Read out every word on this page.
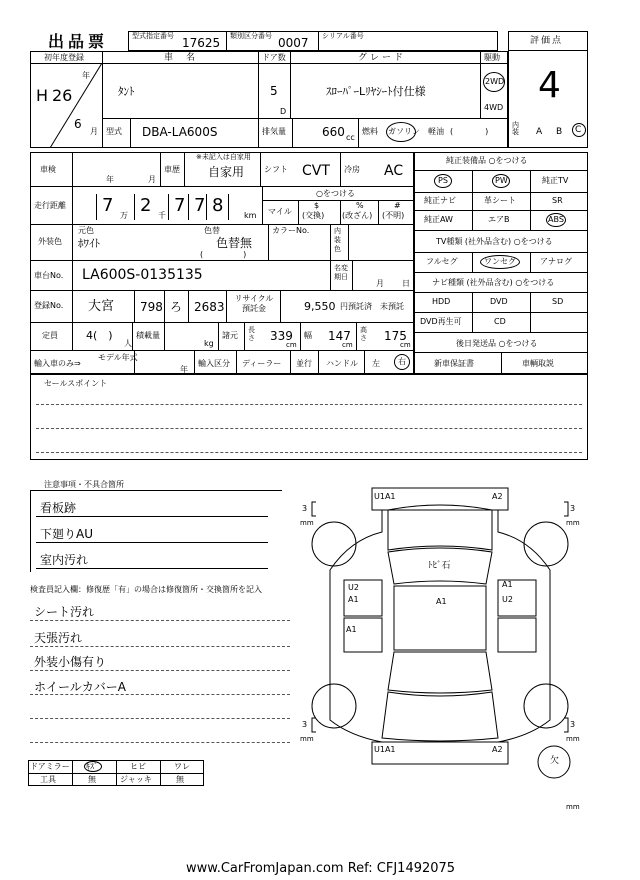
出品票	型式指定番号 17625 類別区分番号 0007 シリアル番号	評価点
4
初年度登録
H 26
年
6
月
車　名
ﾀﾝﾄ
ドア数
5
D
グレード
ｽﾛｰﾊﾟｰLﾘﾔｼｰﾄ付仕様
駆動
2WD
4WD
型式 DBA-LA600S	排気量	660 cc
燃料 ガソリン 軽油 (　　　　)
内装	A B C
車検
年	月
車歴
※未記入は自家用
自家用 シフト CVT 冷房 AC
走行距離 7 万 2 千 7 7 8	km
○をつける
マイル
$
(交換)
%
(改ざん)
#
(不明)
外装色
元色
ﾎﾜｲﾄ
色替
色替無
(　　　　　)
カラーNo.	内装色
車台No. LA600S-0135135	名変期日
月 日
登録No. 大宮 798 ろ 2683
リサイクル預託金	9,550 円預託済 未預託
定員	4(　)
人
積載量
kg
諸元
長さ 339
cm
幅 147
cm
高さ 175
cm
輸入車のみ⇒
モデル年式
年
輸入区分 ディーラー 並行 ハンドル 左 右
純正装備品 ○をつける
PS	PW	純正TV
純正ナビ	革シート	SR
純正AW	エアB	ABS
TV種類 (社外品含む) ○をつける
フルセグ	ワンセグ	アナログ
ナビ種類 (社外品含む) ○をつける
HDD	DVD	SD
DVD再生可	CD
後日発送品 ○をつける
新車保証書	車輌取説
セールスポイント
注意事項・不具合箇所
看板跡
下廻りAU
室内汚れ
検査員記入欄：修復歴「有」の場合は修復箇所・交換箇所を記入
シート汚れ
天張汚れ
外装小傷有り
ホイールカバーA
ドアミラー ｷｽﾞ	ヒビ	ワレ
工具	無	ジャッキ	無
U1A1	A2
ﾄﾋﾞ石
U2
A1	A1
A1
U2
A1
U1A1	A2
3
mm
3
mm
3
mm
3
mm
欠
mm
www.CarFromJapan.com Ref: CFJ1492075
